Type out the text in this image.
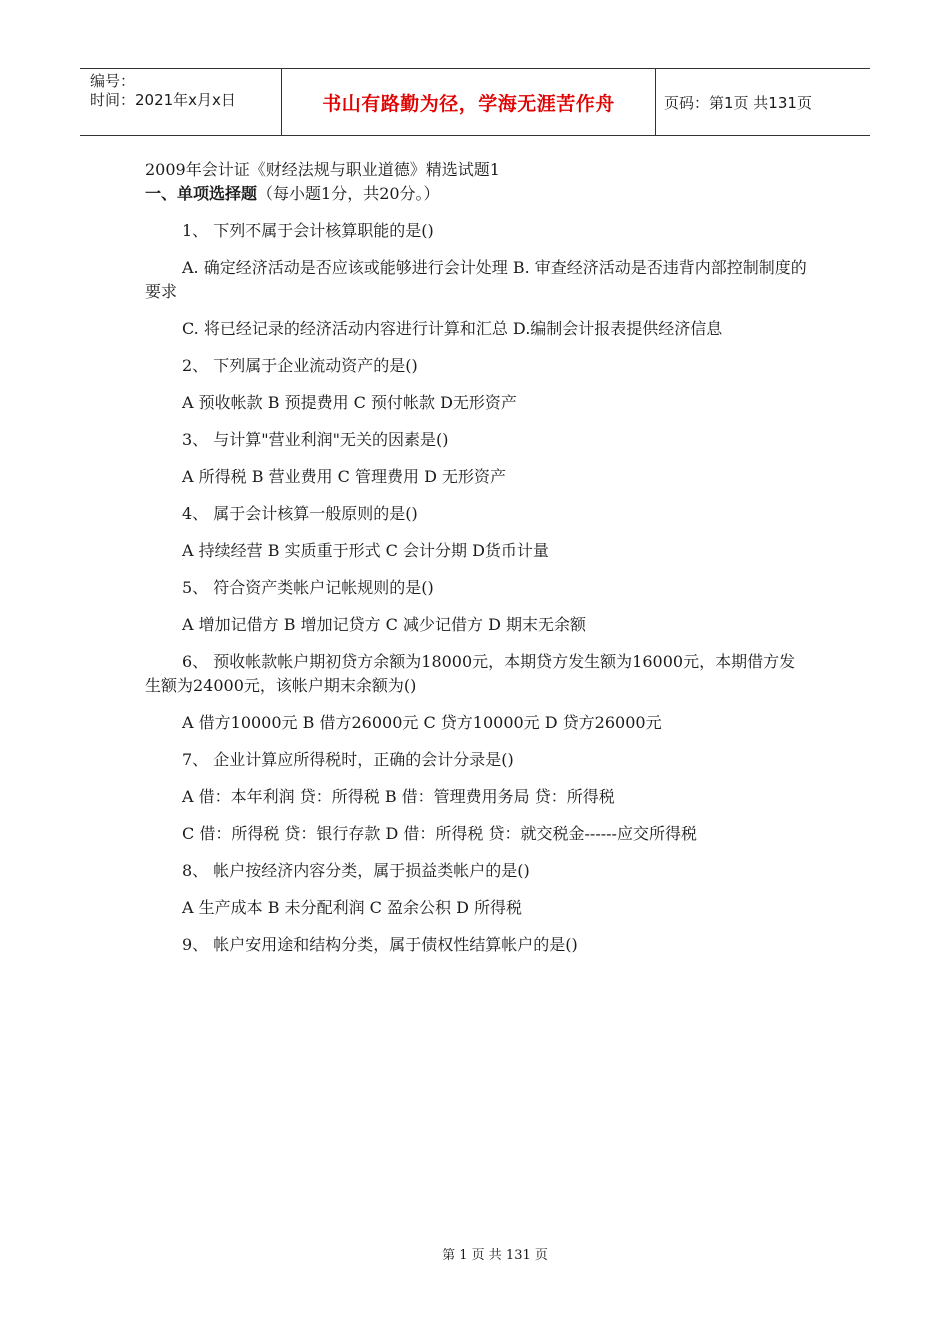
编号：
时间：2021年x月x日	书山有路勤为径，学海无涯苦作舟	页码：第1页 共131页

2009年会计证《财经法规与职业道德》精选试题1

一、单项选择题（每小题1分，共20分。）

1、 下列不属于会计核算职能的是()

A. 确定经济活动是否应该或能够进行会计处理 B. 审查经济活动是否违背内部控制制度的要求

C. 将已经记录的经济活动内容进行计算和汇总 D.编制会计报表提供经济信息

2、 下列属于企业流动资产的是()

A 预收帐款 B 预提费用 C 预付帐款 D无形资产

3、 与计算"营业利润"无关的因素是()

A 所得税 B 营业费用 C 管理费用 D 无形资产

4、 属于会计核算一般原则的是()

A 持续经营 B 实质重于形式 C 会计分期 D货币计量

5、 符合资产类帐户记帐规则的是()

A 增加记借方 B 增加记贷方 C 减少记借方 D 期末无余额

6、 预收帐款帐户期初贷方余额为18000元，本期贷方发生额为16000元，本期借方发生额为24000元，该帐户期末余额为()

A 借方10000元 B 借方26000元 C 贷方10000元 D 贷方26000元

7、 企业计算应所得税时，正确的会计分录是()

A 借：本年利润 贷：所得税 B 借：管理费用务局 贷：所得税

C 借：所得税 贷：银行存款 D 借：所得税 贷：就交税金------应交所得税

8、 帐户按经济内容分类，属于损益类帐户的是()

A 生产成本 B 未分配利润 C 盈余公积 D 所得税

9、 帐户安用途和结构分类，属于债权性结算帐户的是()

第 1 页 共 131 页
